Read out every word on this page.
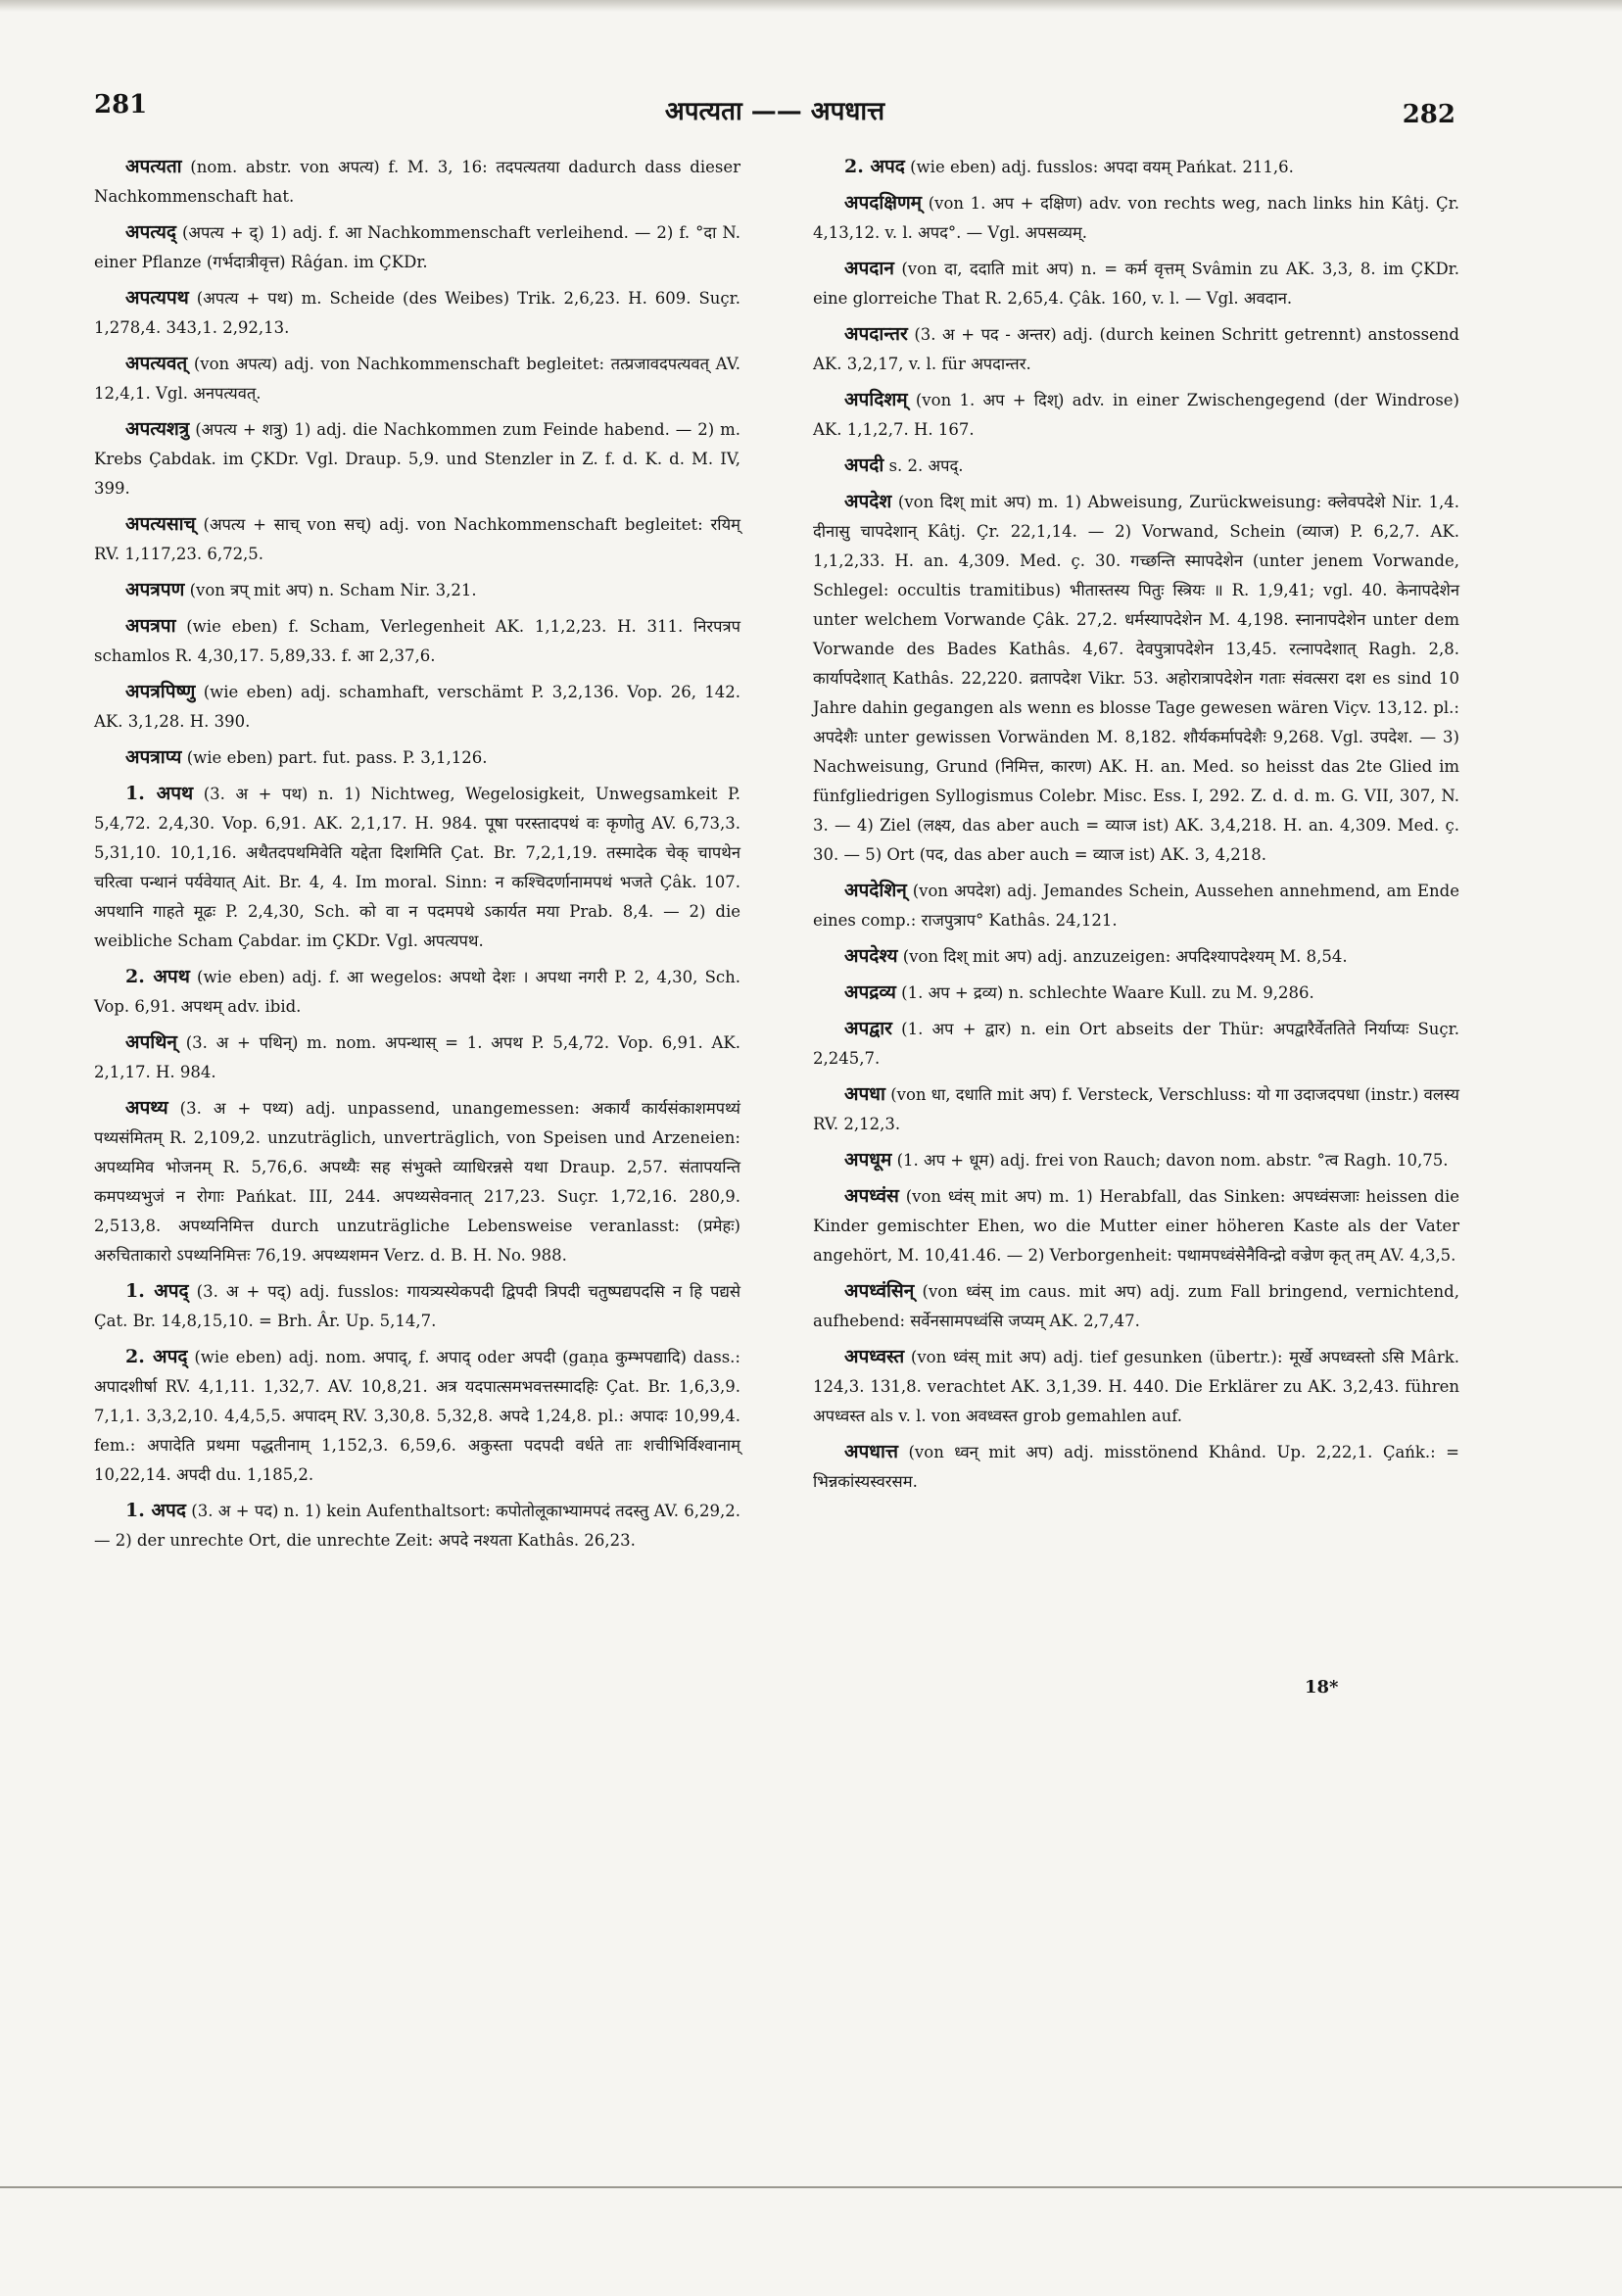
281	अपत्यता —— अपधात्त	282

अपत्यता (nom. abstr. von अपत्य) f. M. 3, 16: तदपत्यतया dadurch dass dieser Nachkommenschaft hat.

अपत्यद् (अपत्य + द्) 1) adj. f. आ Nachkommenschaft verleihend. — 2) f. °दा N. einer Pflanze (गर्भदात्रीवृत्त) Râǵan. im ÇKDr.

अपत्यपथ (अपत्य + पथ) m. Scheide (des Weibes) Trik. 2,6,23. H. 609. Suçr. 1,278,4. 343,1. 2,92,13.

अपत्यवत् (von अपत्य) adj. von Nachkommenschaft begleitet: तत्प्रजावदपत्यवत् AV. 12,4,1. Vgl. अनपत्यवत्.

अपत्यशत्रु (अपत्य + शत्रु) 1) adj. die Nachkommen zum Feinde habend. — 2) m. Krebs Çabdak. im ÇKDr. Vgl. Draup. 5,9. und Stenzler in Z. f. d. K. d. M. IV, 399.

अपत्यसाच् (अपत्य + साच् von सच्) adj. von Nachkommenschaft begleitet: रयिम् RV. 1,117,23. 6,72,5.

अपत्रपण (von त्रप् mit अप) n. Scham Nir. 3,21.

अपत्रपा (wie eben) f. Scham, Verlegenheit AK. 1,1,2,23. H. 311. निरपत्रप schamlos R. 4,30,17. 5,89,33. f. आ 2,37,6.

अपत्रपिष्णु (wie eben) adj. schamhaft, verschämt P. 3,2,136. Vop. 26, 142. AK. 3,1,28. H. 390.

अपत्राप्य (wie eben) part. fut. pass. P. 3,1,126.

1. अपथ (3. अ + पथ) n. 1) Nichtweg, Wegelosigkeit, Unwegsamkeit P. 5,4,72. 2,4,30. Vop. 6,91. AK. 2,1,17. H. 984. पूषा परस्तादपथं वः कृणोतु AV. 6,73,3. 5,31,10. 10,1,16. अथैतदपथमिवेति यद्देता दिशमिति Çat. Br. 7,2,1,19. तस्मादेक चेक् चापथेन चरित्वा पन्थानं पर्यवेयात् Ait. Br. 4, 4. Im moral. Sinn: न कश्चिदर्णानामपथं भजते Çâk. 107. अपथानि गाहते मूढः P. 2,4,30, Sch. को वा न पदमपथे ऽकार्यत मया Prab. 8,4. — 2) die weibliche Scham Çabdar. im ÇKDr. Vgl. अपत्यपथ.

2. अपथ (wie eben) adj. f. आ wegelos: अपथो देशः । अपथा नगरी P. 2, 4,30, Sch. Vop. 6,91. अपथम् adv. ibid.

अपथिन् (3. अ + पथिन्) m. nom. अपन्थास् = 1. अपथ P. 5,4,72. Vop. 6,91. AK. 2,1,17. H. 984.

अपथ्य (3. अ + पथ्य) adj. unpassend, unangemessen: अकार्यं कार्यसंकाशमपथ्यं पथ्यसंमितम् R. 2,109,2. unzuträglich, unverträglich, von Speisen und Arzeneien: अपथ्यमिव भोजनम् R. 5,76,6. अपथ्यैः सह संभुक्ते व्याधिरन्नसे यथा Draup. 2,57. संतापयन्ति कमपथ्यभुजं न रोगाः Pańkat. III, 244. अपथ्यसेवनात् 217,23. Suçr. 1,72,16. 280,9. 2,513,8. अपथ्यनिमित्त durch unzuträgliche Lebensweise veranlasst: (प्रमेहः) अरुचिताकारो ऽपथ्यनिमित्तः 76,19. अपथ्यशमन Verz. d. B. H. No. 988.

1. अपद् (3. अ + पद्) adj. fusslos: गायत्र्यस्येकपदी द्विपदी त्रिपदी चतुष्पद्यपदसि न हि पद्यसे Çat. Br. 14,8,15,10. = Brh. Âr. Up. 5,14,7.

2. अपद् (wie eben) adj. nom. अपाद्, f. अपाद् oder अपदी (gaṇa कुम्भपद्यादि) dass.: अपादशीर्षा RV. 4,1,11. 1,32,7. AV. 10,8,21. अत्र यदपात्समभवत्तस्मादहिः Çat. Br. 1,6,3,9. 7,1,1. 3,3,2,10. 4,4,5,5. अपादम् RV. 3,30,8. 5,32,8. अपदे 1,24,8. pl.: अपादः 10,99,4. fem.: अपादेति प्रथमा पद्धतीनाम् 1,152,3. 6,59,6. अकुस्ता पदपदी वर्धते ताः शचीभिर्विश्वानाम् 10,22,14. अपदी du. 1,185,2.

1. अपद (3. अ + पद) n. 1) kein Aufenthaltsort: कपोतोलूकाभ्यामपदं तदस्तु AV. 6,29,2. — 2) der unrechte Ort, die unrechte Zeit: अपदे नश्यता Kathâs. 26,23.

2. अपद (wie eben) adj. fusslos: अपदा वयम् Pańkat. 211,6.

अपदक्षिणम् (von 1. अप + दक्षिण) adv. von rechts weg, nach links hin Kâtj. Çr. 4,13,12. v. l. अपद°. — Vgl. अपसव्यम्.

अपदान (von दा, ददाति mit अप) n. = कर्म वृत्तम् Svâmin zu AK. 3,3, 8. im ÇKDr. eine glorreiche That R. 2,65,4. Çâk. 160, v. l. — Vgl. अवदान.

अपदान्तर (3. अ + पद - अन्तर) adj. (durch keinen Schritt getrennt) anstossend AK. 3,2,17, v. l. für अपदान्तर.

अपदिशम् (von 1. अप + दिश्) adv. in einer Zwischengegend (der Windrose) AK. 1,1,2,7. H. 167.

अपदी s. 2. अपद्.

अपदेश (von दिश् mit अप) m. 1) Abweisung, Zurückweisung: क्लेवपदेशे Nir. 1,4. दीनासु चापदेशान् Kâtj. Çr. 22,1,14. — 2) Vorwand, Schein (व्याज) P. 6,2,7. AK. 1,1,2,33. H. an. 4,309. Med. ç. 30. गच्छन्ति स्मापदेशेन (unter jenem Vorwande, Schlegel: occultis tramitibus) भीतास्तस्य पितुः स्त्रियः ॥ R. 1,9,41; vgl. 40. केनापदेशेन unter welchem Vorwande Çâk. 27,2. धर्मस्यापदेशेन M. 4,198. स्नानापदेशेन unter dem Vorwande des Bades Kathâs. 4,67. देवपुत्रापदेशेन 13,45. रत्नापदेशात् Ragh. 2,8. कार्यापदेशात् Kathâs. 22,220. व्रतापदेश Vikr. 53. अहोरात्रापदेशेन गताः संवत्सरा दश es sind 10 Jahre dahin gegangen als wenn es blosse Tage gewesen wären Viçv. 13,12. pl.: अपदेशैः unter gewissen Vorwänden M. 8,182. शौर्यकर्मापदेशैः 9,268. Vgl. उपदेश. — 3) Nachweisung, Grund (निमित्त, कारण) AK. H. an. Med. so heisst das 2te Glied im fünfgliedrigen Syllogismus Colebr. Misc. Ess. I, 292. Z. d. d. m. G. VII, 307, N. 3. — 4) Ziel (लक्ष्य, das aber auch = व्याज ist) AK. 3,4,218. H. an. 4,309. Med. ç. 30. — 5) Ort (पद, das aber auch = व्याज ist) AK. 3, 4,218.

अपदेशिन् (von अपदेश) adj. Jemandes Schein, Aussehen annehmend, am Ende eines comp.: राजपुत्राप° Kathâs. 24,121.

अपदेश्य (von दिश् mit अप) adj. anzuzeigen: अपदिश्यापदेश्यम् M. 8,54.

अपद्रव्य (1. अप + द्रव्य) n. schlechte Waare Kull. zu M. 9,286.

अपद्वार (1. अप + द्वार) n. ein Ort abseits der Thür: अपद्वारैर्वेततिते निर्याप्यः Suçr. 2,245,7.

अपधा (von धा, दधाति mit अप) f. Versteck, Verschluss: यो गा उदाजदपधा (instr.) वलस्य RV. 2,12,3.

अपधूम (1. अप + धूम) adj. frei von Rauch; davon nom. abstr. °त्व Ragh. 10,75.

अपध्वंस (von ध्वंस् mit अप) m. 1) Herabfall, das Sinken: अपध्वंसजाः heissen die Kinder gemischter Ehen, wo die Mutter einer höheren Kaste als der Vater angehört, M. 10,41.46. — 2) Verborgenheit: पथामपध्वंसेनैविन्द्रो वज्रेण कृत् तम् AV. 4,3,5.

अपध्वंसिन् (von ध्वंस् im caus. mit अप) adj. zum Fall bringend, vernichtend, aufhebend: सर्वेनसामपध्वंसि जप्यम् AK. 2,7,47.

अपध्वस्त (von ध्वंस् mit अप) adj. tief gesunken (übertr.): मूर्खे अपध्वस्तो ऽसि Mârk. 124,3. 131,8. verachtet AK. 3,1,39. H. 440. Die Erklärer zu AK. 3,2,43. führen अपध्वस्त als v. l. von अवध्वस्त grob gemahlen auf.

अपधात्त (von ध्वन् mit अप) adj. misstönend Khând. Up. 2,22,1. Çańk.: = भिन्नकांस्यस्वरसम.

18*
